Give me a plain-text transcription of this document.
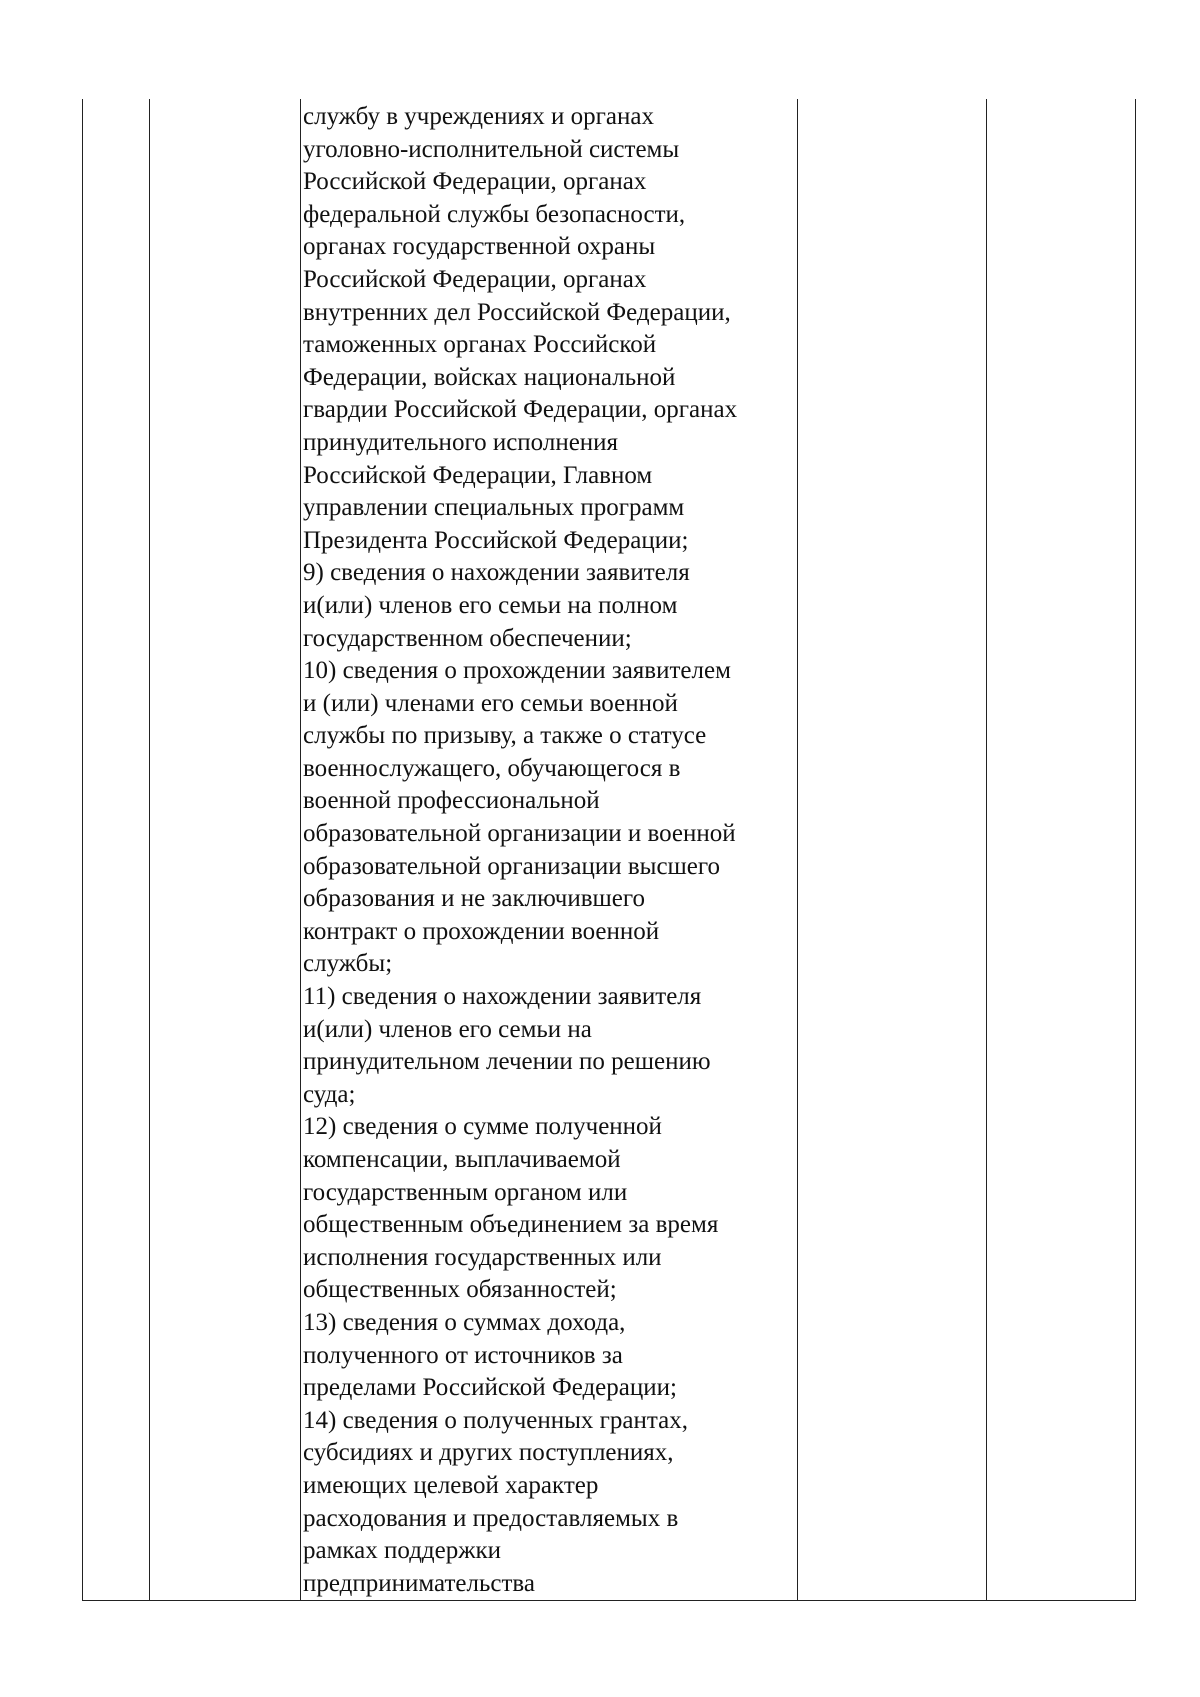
службу в учреждениях и органах
уголовно-исполнительной системы
Российской Федерации, органах
федеральной службы безопасности,
органах государственной охраны
Российской Федерации, органах
внутренних дел Российской Федерации,
таможенных органах Российской
Федерации, войсках национальной
гвардии Российской Федерации, органах
принудительного исполнения
Российской Федерации, Главном
управлении специальных программ
Президента Российской Федерации;
9) сведения о нахождении заявителя
и(или) членов его семьи на полном
государственном обеспечении;
10) сведения о прохождении заявителем
и (или) членами его семьи военной
службы по призыву, а также о статусе
военнослужащего, обучающегося в
военной профессиональной
образовательной организации и военной
образовательной организации высшего
образования и не заключившего
контракт о прохождении военной
службы;
11) сведения о нахождении заявителя
и(или) членов его семьи на
принудительном лечении по решению
суда;
12) сведения о сумме полученной
компенсации, выплачиваемой
государственным органом или
общественным объединением за время
исполнения государственных или
общественных обязанностей;
13) сведения о суммах дохода,
полученного от источников за
пределами Российской Федерации;
14) сведения о полученных грантах,
субсидиях и других поступлениях,
имеющих целевой характер
расходования и предоставляемых в
рамках поддержки
предпринимательства
